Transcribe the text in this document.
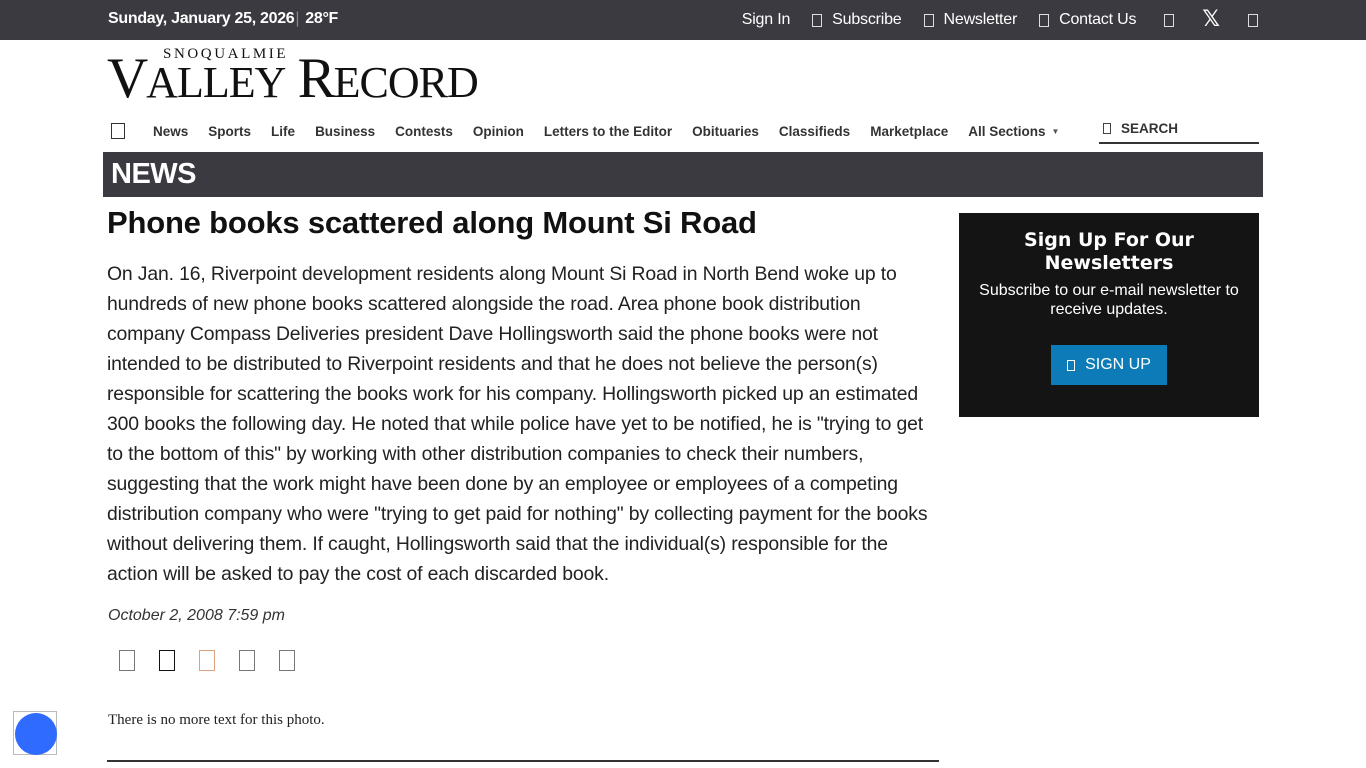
Sunday, January 25, 2026| 28°F	Sign In	Subscribe	Newsletter	Contact Us	𝕏
SNOQUALMIE
VALLEY RECORD
News Sports Life Business Contests Opinion Letters to the Editor Obituaries Classifieds Marketplace All Sections ▼
SEARCH
NEWS
Phone books scattered along Mount Si Road

On Jan. 16, Riverpoint development residents along Mount Si Road in North Bend woke up to hundreds of new phone books scattered alongside the road. Area phone book distribution company Compass Deliveries president Dave Hollingsworth said the phone books were not intended to be distributed to Riverpoint residents and that he does not believe the person(s) responsible for scattering the books work for his company. Hollingsworth picked up an estimated 300 books the following day. He noted that while police have yet to be notified, he is "trying to get to the bottom of this" by working with other distribution companies to check their numbers, suggesting that the work might have been done by an employee or employees of a competing distribution company who were "trying to get paid for nothing" by collecting payment for the books without delivering them. If caught, Hollingsworth said that the individual(s) responsible for the action will be asked to pay the cost of each discarded book.

October 2, 2008 7:59 pm
There is no more text for this photo.
Sign Up For Our Newsletters

Subscribe to our e-mail newsletter to receive updates.

SIGN UP
